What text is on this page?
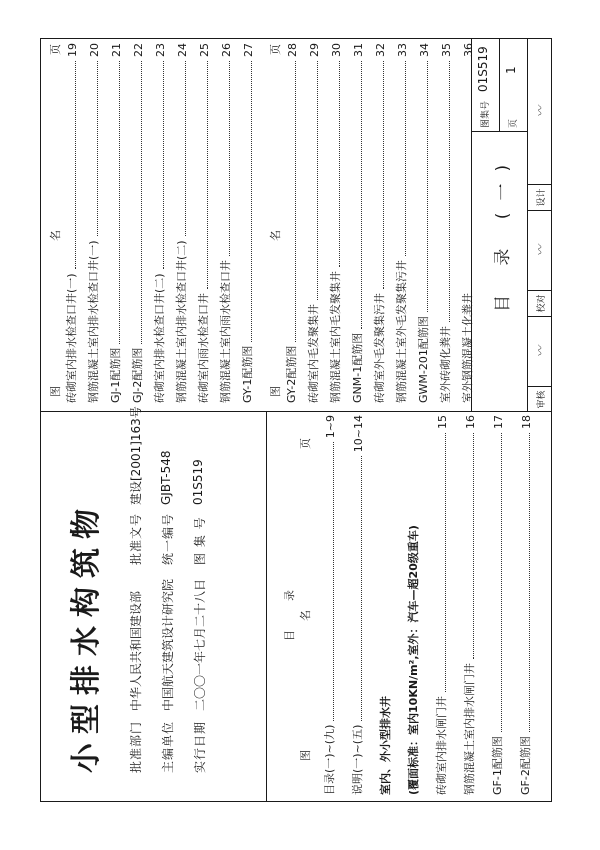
小型排水构筑物 批准部门
中华人民共和国建设部
批准文号
建设[2001]163号
主编单位
中国航天建筑设计研究院
统一编号
GJBT-548
实行日期
二〇〇一年七月二十八日
图 集 号
01S519
目
录
图
名
页
目录(一)~(九)
1~9
说明(一)~(五)
10~14
室内、外小型排水井 (覆面标准：室内10KN/m²,室外：汽车—超20级重车) 砖砌室内排水闸门井
15
钢筋混凝土室内排水闸门井
16
GF-1配筋图
17
GF-2配筋图
18
图
名
页
砖砌室内排水检查口井(一)
19
钢筋混凝土室内排水检查口井(一)
20
GJ-1配筋图
21
GJ-2配筋图
22
砖砌室内排水检查口井(二)
23
钢筋混凝土室内排水检查口井(二)
24
砖砌室内雨水检查口井
25
钢筋混凝土室内雨水检查口井
26
GY-1配筋图
27
图
名
页
GY-2配筋图
28
砖砌室内毛发聚集井
29
钢筋混凝土室内毛发聚集井
30
GNM-1配筋图
31
砖砌室外毛发聚集污井
32
钢筋混凝土室外毛发聚集污井
33
GWM-201配筋图
34
室外砖砌化粪井
35
室外钢筋混凝土化粪井
36
目 录 (一)
图集号
01S519
页
1
审核
〰
校对
〰
设计
〰
